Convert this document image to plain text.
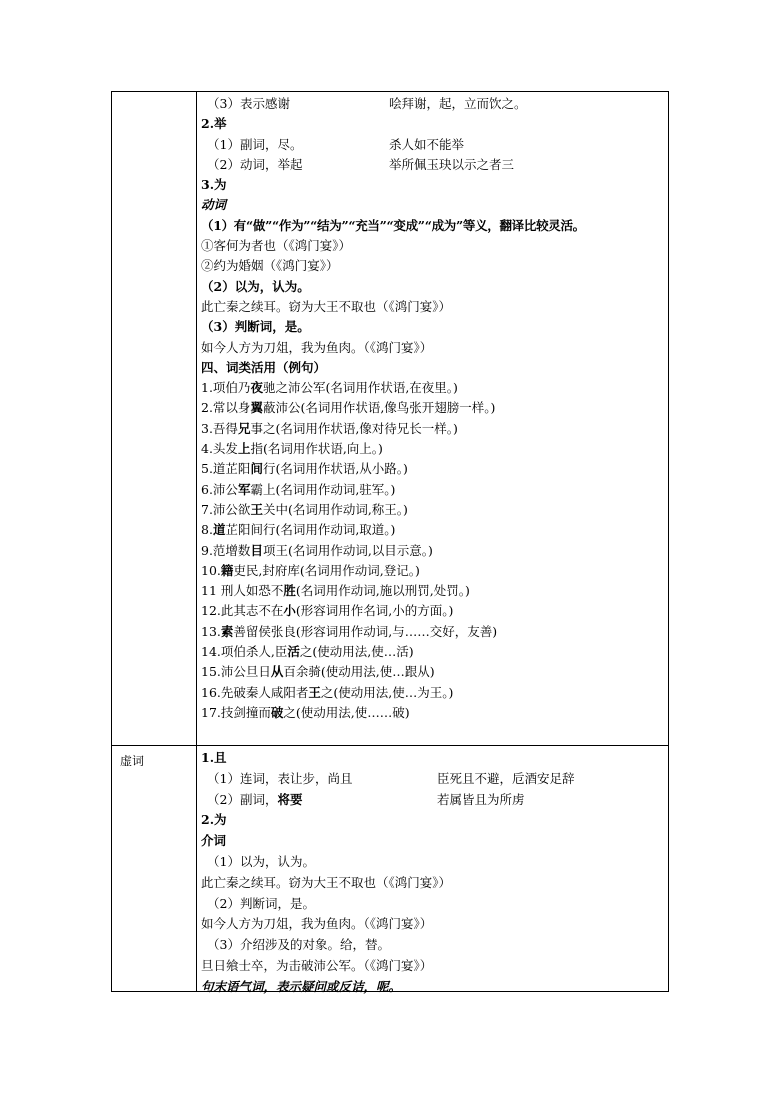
（3）表示感谢	哙拜谢，起，立而饮之。
2.举
（1）副词，尽。	杀人如不能举
（2）动词，举起	举所佩玉玦以示之者三
3.为
动词
（1）有“做”“作为”“结为”“充当”“变成”“成为”等义，翻译比较灵活。
①客何为者也（《鸿门宴》）
②约为婚姻（《鸿门宴》）
（2）以为，认为。
此亡秦之续耳。窃为大王不取也（《鸿门宴》）
（3）判断词，是。
如今人方为刀俎，我为鱼肉。（《鸿门宴》）
四、词类活用（例句）
1.项伯乃夜驰之沛公军(名词用作状语,在夜里。)
2.常以身翼蔽沛公(名词用作状语,像鸟张开翅膀一样。)
3.吾得兄事之(名词用作状语,像对待兄长一样。)
4.头发上指(名词用作状语,向上。)
5.道芷阳间行(名词用作状语,从小路。)
6.沛公军霸上(名词用作动词,驻军。)
7.沛公欲王关中(名词用作动词,称王。)
8.道芷阳间行(名词用作动词,取道。)
9.范增数目项王(名词用作动词,以目示意。)
10.籍吏民,封府库(名词用作动词,登记。)
11 刑人如恐不胜(名词用作动词,施以刑罚,处罚。)
12.此其志不在小(形容词用作名词,小的方面。)
13.素善留侯张良(形容词用作动词,与……交好，友善)
14.项伯杀人,臣活之(使动用法,使…活)
15.沛公旦日从百余骑(使动用法,使…跟从)
16.先破秦人咸阳者王之(使动用法,使…为王。)
17.技剑撞而破之(使动用法,使……破)
虚词	1.且
（1）连词，表让步，尚且	臣死且不避，卮酒安足辞
（2）副词，将要	若属皆且为所虏
2.为
介词
（1）以为，认为。
此亡秦之续耳。窃为大王不取也（《鸿门宴》）
（2）判断词，是。
如今人方为刀俎，我为鱼肉。（《鸿门宴》）
（3）介绍涉及的对象。给，替。
旦日飨士卒，为击破沛公军。（《鸿门宴》）
句末语气词，表示疑问或反诘，呢。
